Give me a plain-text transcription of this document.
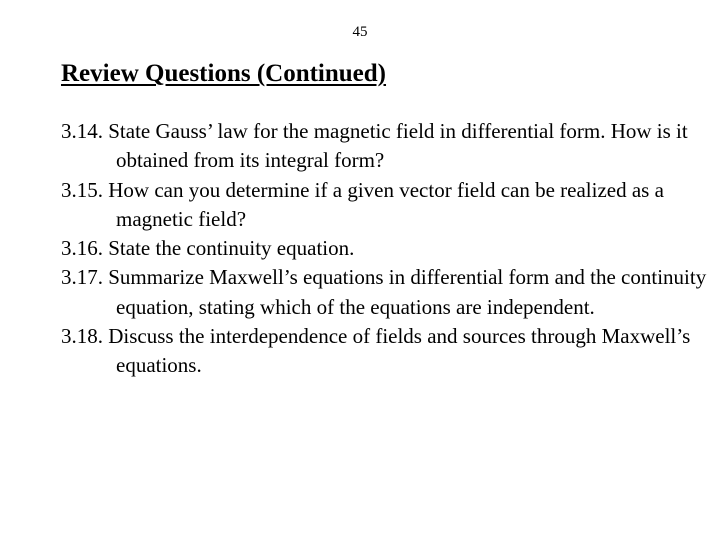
45
Review Questions (Continued)
3.14. State Gauss’ law for the magnetic field in differential form. How is it obtained from its integral form?
3.15. How can you determine if a given vector field can be realized as a magnetic field?
3.16. State the continuity equation.
3.17. Summarize Maxwell’s equations in differential form and the continuity equation, stating which of the equations are independent.
3.18. Discuss the interdependence of fields and sources through Maxwell’s equations.
